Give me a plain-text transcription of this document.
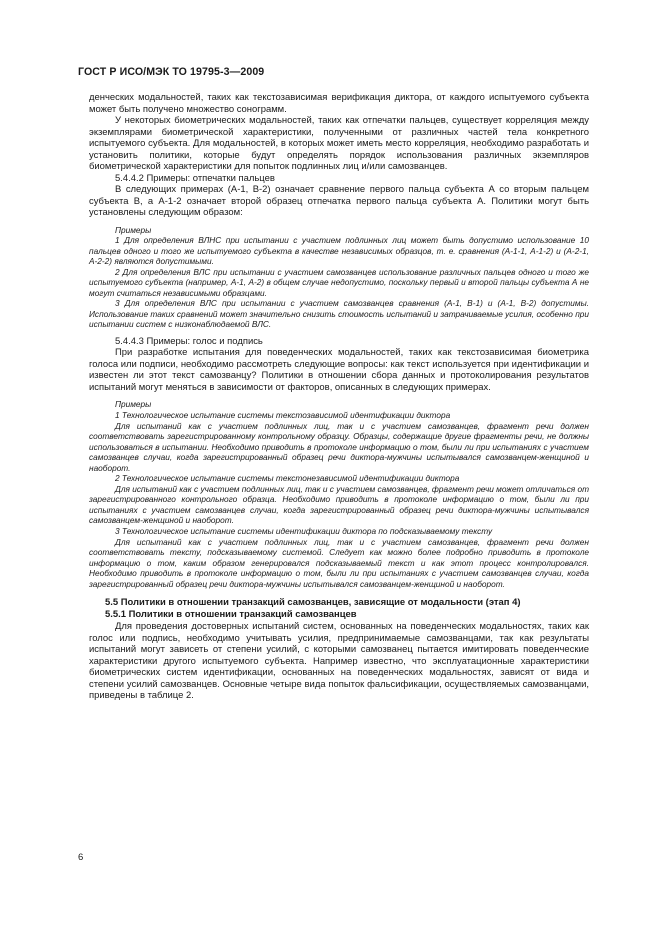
ГОСТ Р ИСО/МЭК ТО 19795-3—2009

денческих модальностей, таких как текстозависимая верификация диктора, от каждого испытуемого субъекта может быть получено множество сонограмм.

У некоторых биометрических модальностей, таких как отпечатки пальцев, существует корреляция между экземплярами биометрической характеристики, полученными от различных частей тела конкретного испытуемого субъекта. Для модальностей, в которых может иметь место корреляция, необходимо разработать и установить политики, которые будут определять порядок использования различных экземпляров биометрической характеристики для попыток подлинных лиц и/или самозванцев.

5.4.4.2 Примеры: отпечатки пальцев

В следующих примерах (А-1, В-2) означает сравнение первого пальца субъекта А со вторым пальцем субъекта В, а А-1-2 означает второй образец отпечатка первого пальца субъекта А. Политики могут быть установлены следующим образом:

Примеры

1 Для определения ВЛНС при испытании с участием подлинных лиц может быть допустимо использование 10 пальцев одного и того же испытуемого субъекта в качестве независимых образцов, т. е. сравнения (А-1-1, А-1-2) и (А-2-1, А-2-2) являются допустимыми.

2 Для определения ВЛС при испытании с участием самозванцев использование различных пальцев одного и того же испытуемого субъекта (например, А-1, А-2) в общем случае недопустимо, поскольку первый и второй пальцы субъекта А не могут считаться независимыми образцами.

3 Для определения ВЛС при испытании с участием самозванцев сравнения (А-1, В-1) и (А-1, В-2) допустимы. Использование таких сравнений может значительно снизить стоимость испытаний и затрачиваемые усилия, особенно при испытании систем с низконаблюдаемой ВЛС.

5.4.4.3 Примеры: голос и подпись

При разработке испытания для поведенческих модальностей, таких как текстозависимая биометрика голоса или подписи, необходимо рассмотреть следующие вопросы: как текст используется при идентификации и известен ли этот текст самозванцу? Политики в отношении сбора данных и протоколирования результатов испытаний могут меняться в зависимости от факторов, описанных в следующих примерах.

Примеры

1 Технологическое испытание системы текстозависимой идентификации диктора

Для испытаний как с участием подлинных лиц, так и с участием самозванцев, фрагмент речи должен соответствовать зарегистрированному контрольному образцу. Образцы, содержащие другие фрагменты речи, не должны использоваться в испытании. Необходимо приводить в протоколе информацию о том, были ли при испытаниях с участием самозванцев случаи, когда зарегистрированный образец речи диктора-мужчины испытывался самозванцем-женщиной и наоборот.

2 Технологическое испытание системы текстонезависимой идентификации диктора

Для испытаний как с участием подлинных лиц, так и с участием самозванцев, фрагмент речи может отличаться от зарегистрированного контрольного образца. Необходимо приводить в протоколе информацию о том, были ли при испытаниях с участием самозванцев случаи, когда зарегистрированный образец речи диктора-мужчины испытывался самозванцем-женщиной и наоборот.

3 Технологическое испытание системы идентификации диктора по подсказываемому тексту

Для испытаний как с участием подлинных лиц, так и с участием самозванцев, фрагмент речи должен соответствовать тексту, подсказываемому системой. Следует как можно более подробно приводить в протоколе информацию о том, каким образом генерировался подсказываемый текст и как этот процесс контролировался. Необходимо приводить в протоколе информацию о том, были ли при испытаниях с участием самозванцев случаи, когда зарегистрированный образец речи диктора-мужчины испытывался самозванцем-женщиной и наоборот.

5.5 Политики в отношении транзакций самозванцев, зависящие от модальности (этап 4)

5.5.1 Политики в отношении транзакций самозванцев

Для проведения достоверных испытаний систем, основанных на поведенческих модальностях, таких как голос или подпись, необходимо учитывать усилия, предпринимаемые самозванцами, так как результаты испытаний могут зависеть от степени усилий, с которыми самозванец пытается имитировать поведенческие характеристики другого испытуемого субъекта. Например известно, что эксплуатационные характеристики биометрических систем идентификации, основанных на поведенческих модальностях, зависят от вида и степени усилий самозванцев. Основные четыре вида попыток фальсификации, осуществляемых самозванцами, приведены в таблице 2.

6
